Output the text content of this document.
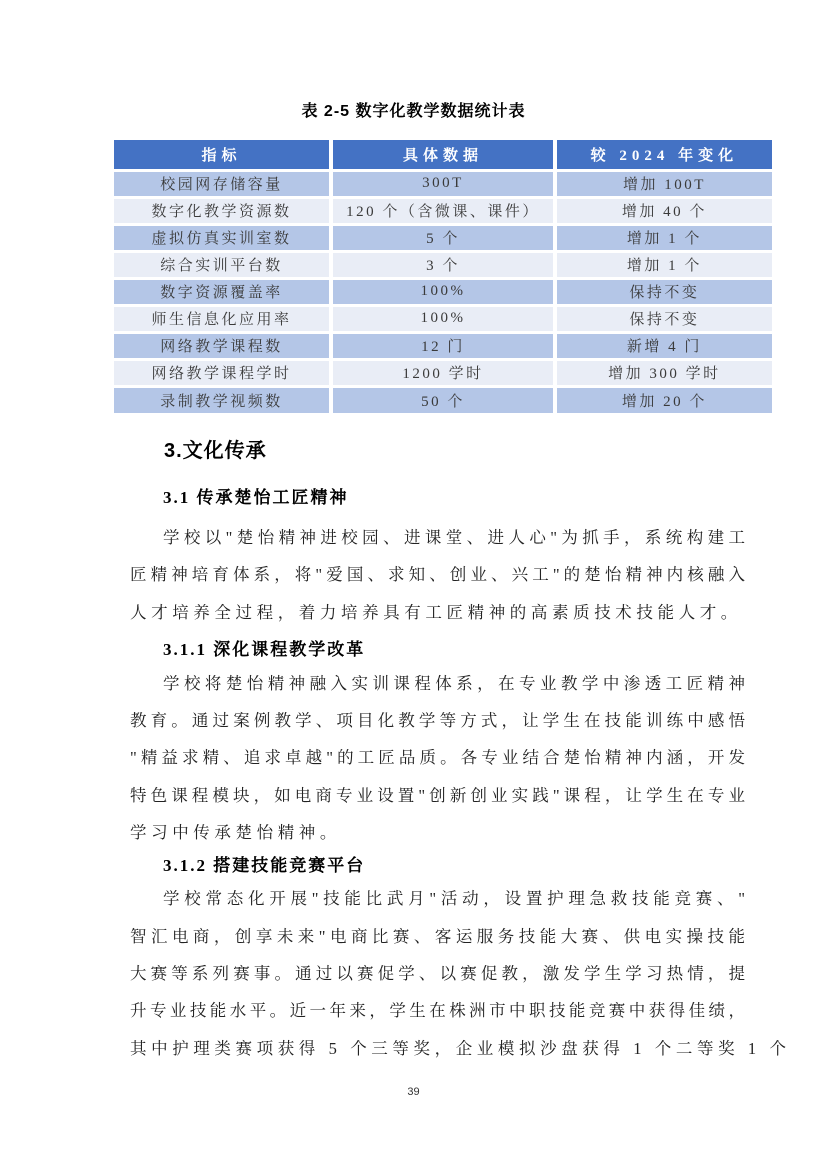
表 2-5 数字化教学数据统计表
指标	具体数据	较 2024 年变化
校园网存储容量	300T	增加 100T
数字化教学资源数	120 个（含微课、课件）	增加 40 个
虚拟仿真实训室数	5 个	增加 1 个
综合实训平台数	3 个	增加 1 个
数字资源覆盖率	100%	保持不变
师生信息化应用率	100%	保持不变
网络教学课程数	12 门	新增 4 门
网络教学课程学时	1200 学时	增加 300 学时
录制教学视频数	50 个	增加 20 个
3.文化传承
3.1 传承楚怡工匠精神
学校以"楚怡精神进校园、进课堂、进人心"为抓手，系统构建工
匠精神培育体系，将"爱国、求知、创业、兴工"的楚怡精神内核融入
人才培养全过程，着力培养具有工匠精神的高素质技术技能人才。
3.1.1 深化课程教学改革
学校将楚怡精神融入实训课程体系，在专业教学中渗透工匠精神
教育。通过案例教学、项目化教学等方式，让学生在技能训练中感悟
"精益求精、追求卓越"的工匠品质。各专业结合楚怡精神内涵，开发
特色课程模块，如电商专业设置"创新创业实践"课程，让学生在专业
学习中传承楚怡精神。
3.1.2 搭建技能竞赛平台
学校常态化开展"技能比武月"活动，设置护理急救技能竞赛、"
智汇电商，创享未来"电商比赛、客运服务技能大赛、供电实操技能
大赛等系列赛事。通过以赛促学、以赛促教，激发学生学习热情，提
升专业技能水平。近一年来，学生在株洲市中职技能竞赛中获得佳绩，
其中护理类赛项获得 5 个三等奖，企业模拟沙盘获得 1 个二等奖 1 个
39
